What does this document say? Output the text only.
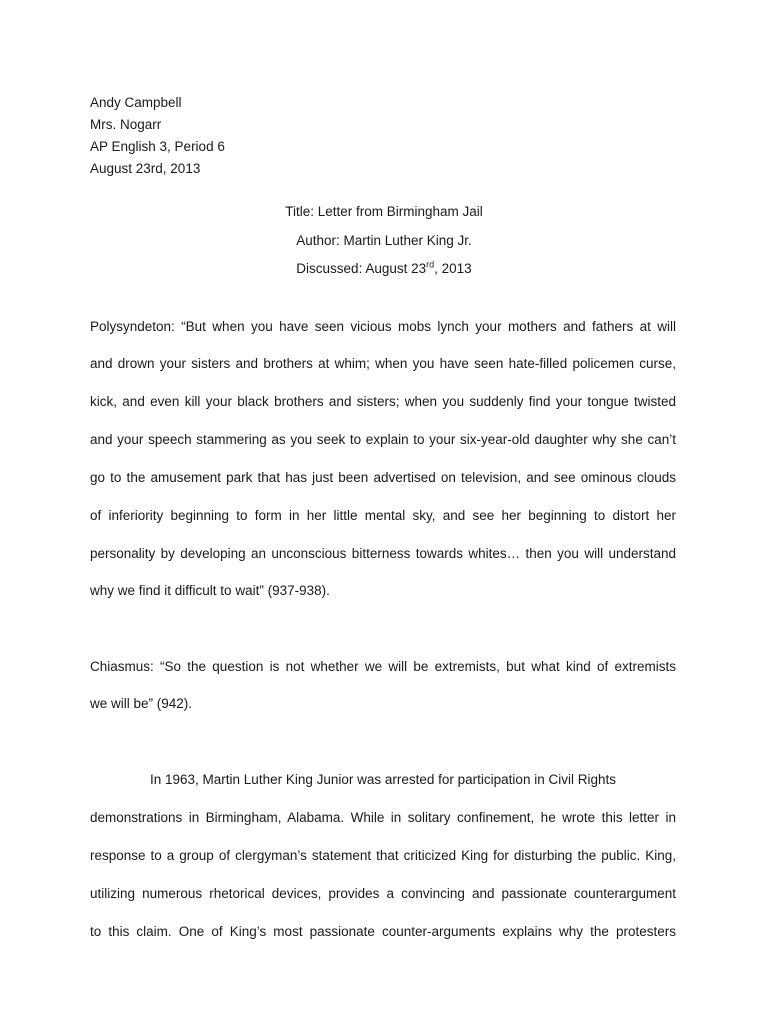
Andy Campbell
Mrs. Nogarr
AP English 3, Period 6
August 23rd, 2013
Title: Letter from Birmingham Jail
Author: Martin Luther King Jr.
Discussed: August 23rd, 2013
Polysyndeton: “But when you have seen vicious mobs lynch your mothers and fathers at will
and drown your sisters and brothers at whim; when you have seen hate-filled policemen curse,
kick, and even kill your black brothers and sisters; when you suddenly find your tongue twisted
and your speech stammering as you seek to explain to your six-year-old daughter why she can’t
go to the amusement park that has just been advertised on television, and see ominous clouds
of inferiority beginning to form in her little mental sky, and see her beginning to distort her
personality by developing an unconscious bitterness towards whites… then you will understand
why we find it difficult to wait” (937-938).
Chiasmus: “So the question is not whether we will be extremists, but what kind of extremists
we will be” (942).
In 1963, Martin Luther King Junior was arrested for participation in Civil Rights
demonstrations in Birmingham, Alabama. While in solitary confinement, he wrote this letter in
response to a group of clergyman’s statement that criticized King for disturbing the public. King,
utilizing numerous rhetorical devices, provides a convincing and passionate counterargument
to this claim. One of King’s most passionate counter-arguments explains why the protesters
